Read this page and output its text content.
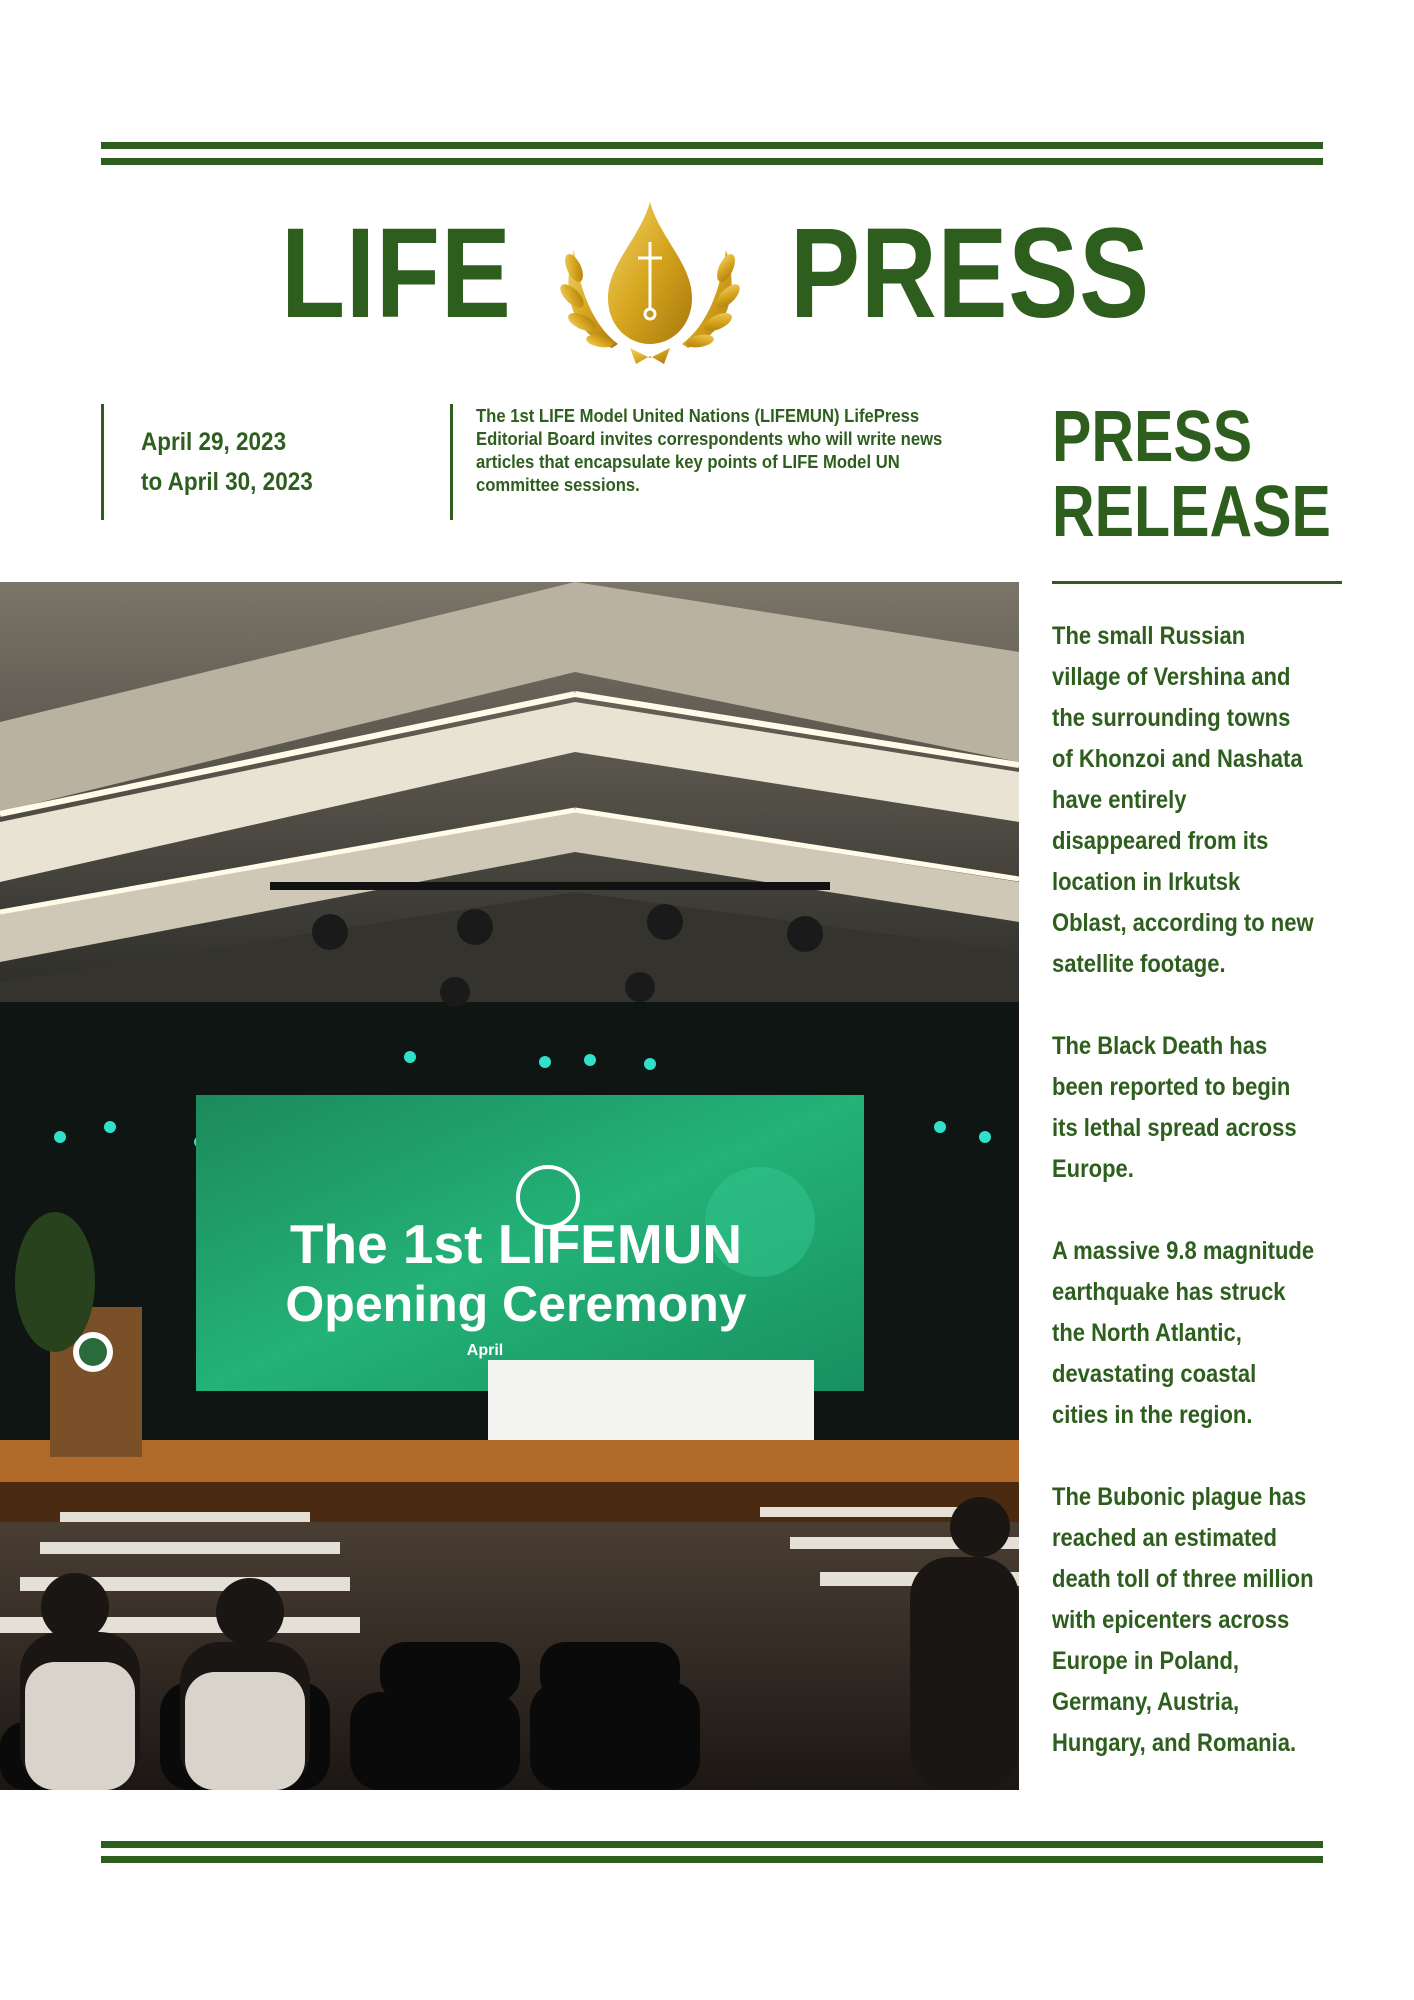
LIFE PRESS
April 29, 2023
to April 30, 2023
The 1st LIFE Model United Nations (LIFEMUN) LifePress Editorial Board invites correspondents who will write news articles that encapsulate key points of LIFE Model UN committee sessions.
PRESS
RELEASE
The small Russian village of Vershina and the surrounding towns of Khonzoi and Nashata have entirely disappeared from its location in Irkutsk Oblast, according to new satellite footage.
The Black Death has been reported to begin its lethal spread across Europe.
A massive 9.8 magnitude earthquake has struck the North Atlantic, devastating coastal cities in the region.
The Bubonic plague has reached an estimated death toll of three million with epicenters across Europe in Poland, Germany, Austria, Hungary, and Romania.
The 1st LIFEMUN
Opening Ceremony
April
